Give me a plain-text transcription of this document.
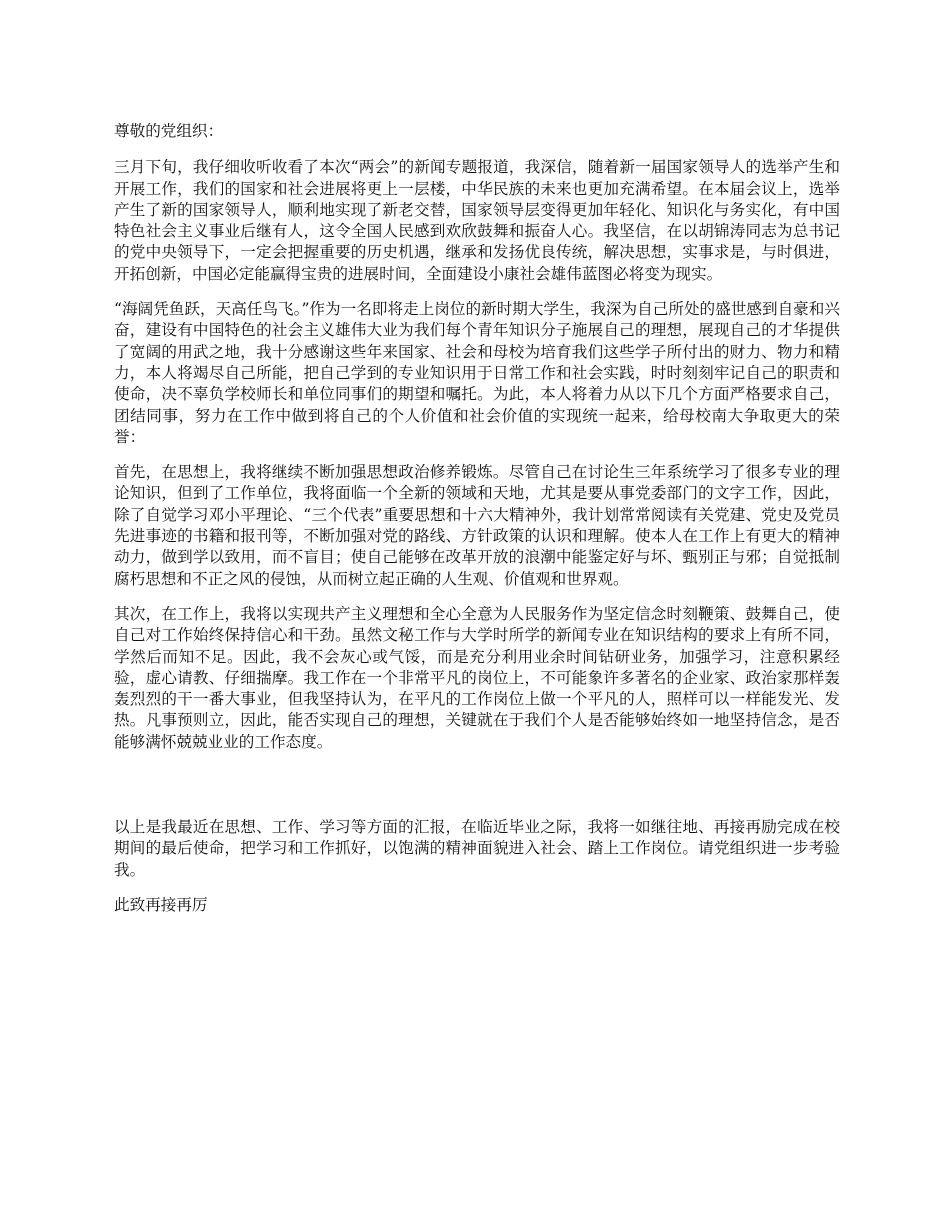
尊敬的党组织：

三月下旬，我仔细收听收看了本次“两会”的新闻专题报道，我深信，随着新一届国家领导人的选举产生和开展工作，我们的国家和社会进展将更上一层楼，中华民族的未来也更加充满希望。在本届会议上，选举产生了新的国家领导人，顺利地实现了新老交替，国家领导层变得更加年轻化、知识化与务实化，有中国特色社会主义事业后继有人，这令全国人民感到欢欣鼓舞和振奋人心。我坚信，在以胡锦涛同志为总书记的党中央领导下，一定会把握重要的历史机遇，继承和发扬优良传统，解决思想，实事求是，与时俱进，开拓创新，中国必定能赢得宝贵的进展时间，全面建设小康社会雄伟蓝图必将变为现实。

“海阔凭鱼跃，天高任鸟飞。”作为一名即将走上岗位的新时期大学生，我深为自己所处的盛世感到自豪和兴奋，建设有中国特色的社会主义雄伟大业为我们每个青年知识分子施展自己的理想，展现自己的才华提供了宽阔的用武之地，我十分感谢这些年来国家、社会和母校为培育我们这些学子所付出的财力、物力和精力，本人将竭尽自己所能，把自己学到的专业知识用于日常工作和社会实践，时时刻刻牢记自己的职责和使命，决不辜负学校师长和单位同事们的期望和嘱托。为此，本人将着力从以下几个方面严格要求自己，团结同事，努力在工作中做到将自己的个人价值和社会价值的实现统一起来，给母校南大争取更大的荣誉：

首先，在思想上，我将继续不断加强思想政治修养锻炼。尽管自己在讨论生三年系统学习了很多专业的理论知识，但到了工作单位，我将面临一个全新的领域和天地，尤其是要从事党委部门的文字工作，因此，除了自觉学习邓小平理论、“三个代表”重要思想和十六大精神外，我计划常常阅读有关党建、党史及党员先进事迹的书籍和报刊等，不断加强对党的路线、方针政策的认识和理解。使本人在工作上有更大的精神动力，做到学以致用，而不盲目；使自己能够在改革开放的浪潮中能鉴定好与坏、甄别正与邪；自觉抵制腐朽思想和不正之风的侵蚀，从而树立起正确的人生观、价值观和世界观。

其次，在工作上，我将以实现共产主义理想和全心全意为人民服务作为坚定信念时刻鞭策、鼓舞自己，使自己对工作始终保持信心和干劲。虽然文秘工作与大学时所学的新闻专业在知识结构的要求上有所不同，学然后而知不足。因此，我不会灰心或气馁，而是充分利用业余时间钻研业务，加强学习，注意积累经验，虚心请教、仔细揣摩。我工作在一个非常平凡的岗位上，不可能象许多著名的企业家、政治家那样轰轰烈烈的干一番大事业，但我坚持认为，在平凡的工作岗位上做一个平凡的人，照样可以一样能发光、发热。凡事预则立，因此，能否实现自己的理想，关键就在于我们个人是否能够始终如一地坚持信念，是否能够满怀兢兢业业的工作态度。

以上是我最近在思想、工作、学习等方面的汇报，在临近毕业之际，我将一如继往地、再接再励完成在校期间的最后使命，把学习和工作抓好，以饱满的精神面貌进入社会、踏上工作岗位。请党组织进一步考验我。

此致再接再厉
